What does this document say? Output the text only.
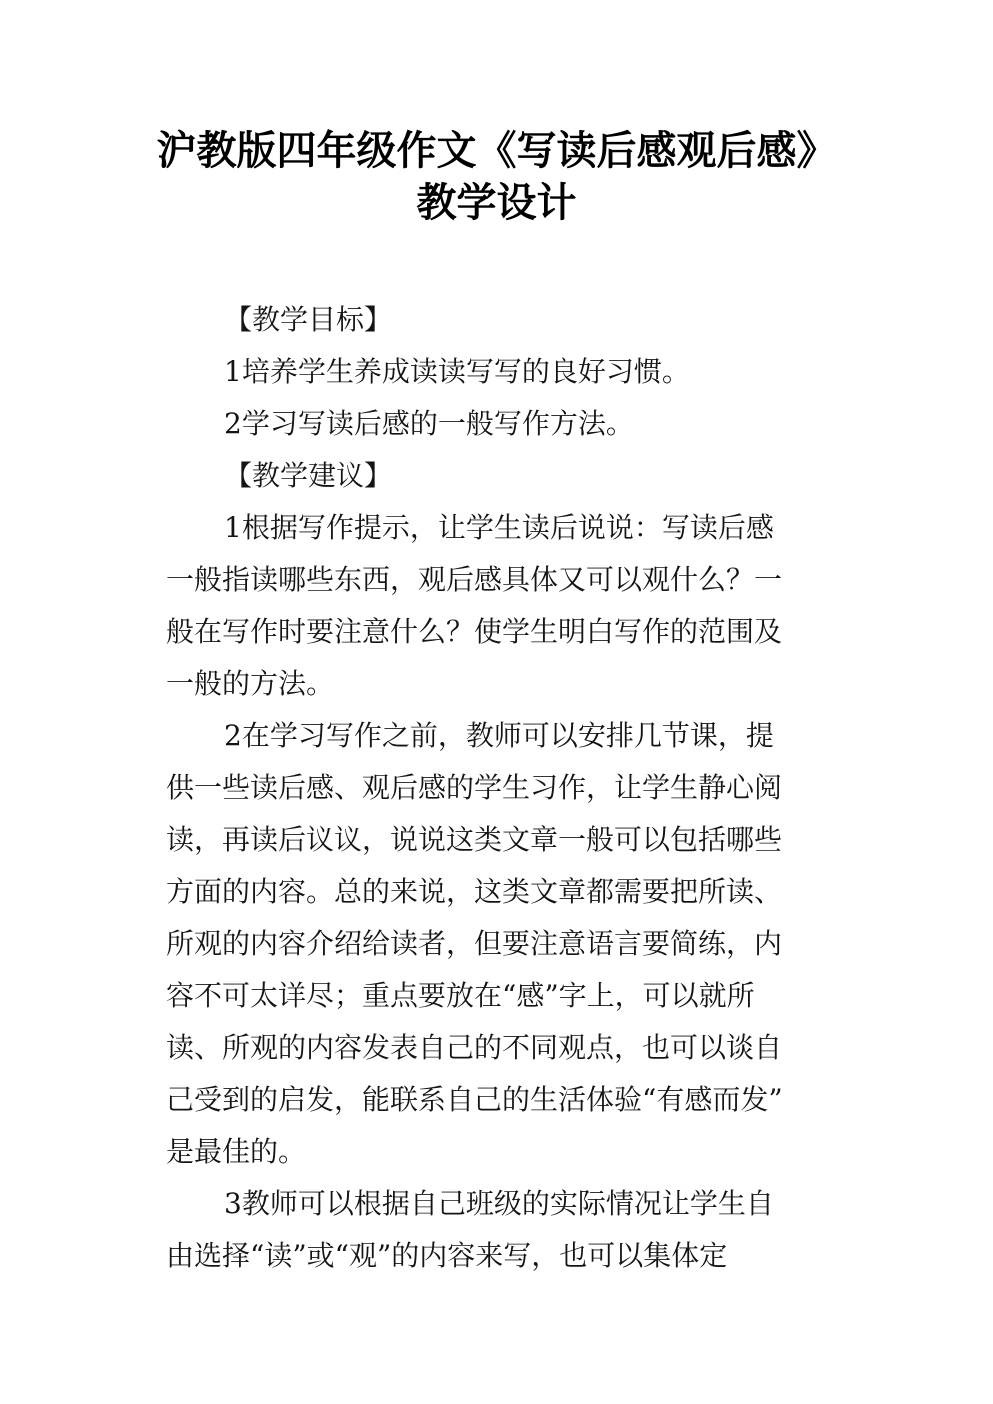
沪教版四年级作文《写读后感观后感》
教学设计
【教学目标】
1培养学生养成读读写写的良好习惯。
2学习写读后感的一般写作方法。
【教学建议】
1根据写作提示，让学生读后说说：写读后感
一般指读哪些东西，观后感具体又可以观什么？一
般在写作时要注意什么？使学生明白写作的范围及
一般的方法。
2在学习写作之前，教师可以安排几节课，提
供一些读后感、观后感的学生习作，让学生静心阅
读，再读后议议，说说这类文章一般可以包括哪些
方面的内容。总的来说，这类文章都需要把所读、
所观的内容介绍给读者，但要注意语言要简练，内
容不可太详尽；重点要放在“感”字上，可以就所
读、所观的内容发表自己的不同观点，也可以谈自
己受到的启发，能联系自己的生活体验“有感而发”
是最佳的。
3教师可以根据自己班级的实际情况让学生自
由选择“读”或“观”的内容来写，也可以集体定
